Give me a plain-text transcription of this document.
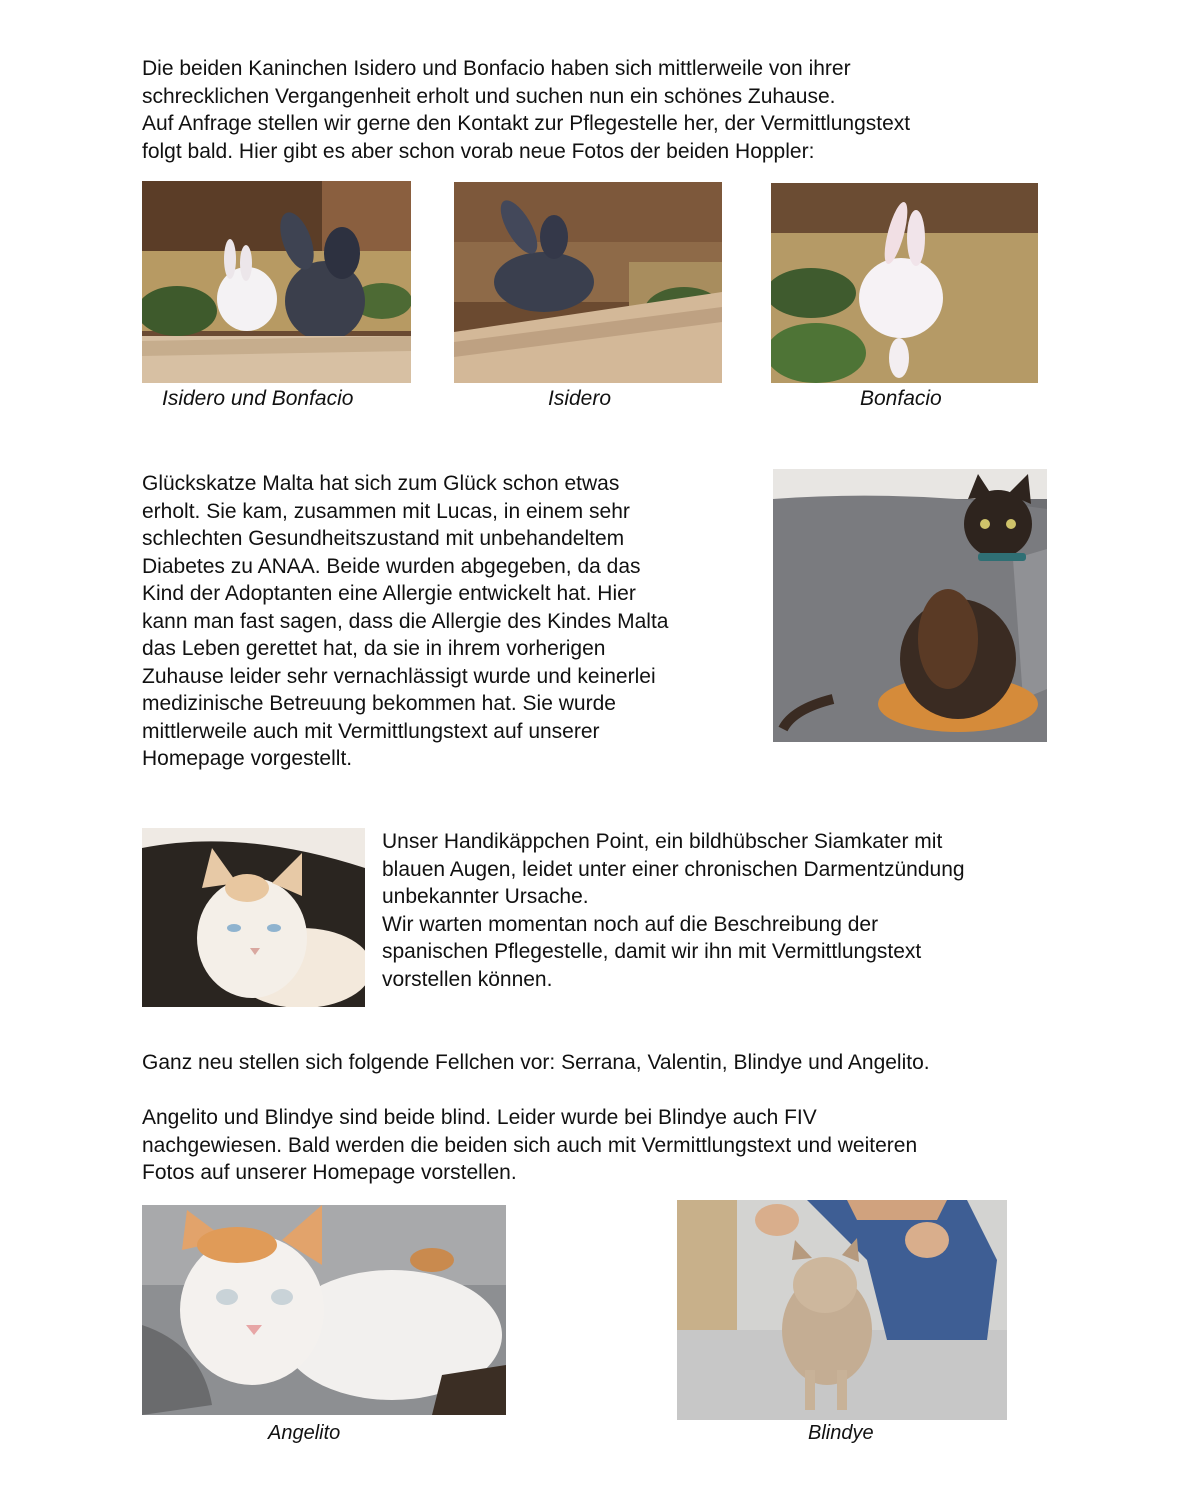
Die beiden Kaninchen Isidero und Bonfacio haben sich mittlerweile von ihrer
schrecklichen Vergangenheit erholt und suchen nun ein schönes Zuhause.
Auf Anfrage stellen wir gerne den Kontakt zur Pflegestelle her, der Vermittlungstext
folgt bald. Hier gibt es aber schon vorab neue Fotos der beiden Hoppler:
Isidero und Bonfacio	Isidero	Bonfacio
Glückskatze Malta hat sich zum Glück schon etwas
erholt. Sie kam, zusammen mit Lucas, in einem sehr
schlechten Gesundheitszustand mit unbehandeltem
Diabetes zu ANAA. Beide wurden abgegeben, da das
Kind der Adoptanten eine Allergie entwickelt hat. Hier
kann man fast sagen, dass die Allergie des Kindes Malta
das Leben gerettet hat, da sie in ihrem vorherigen
Zuhause leider sehr vernachlässigt wurde und keinerlei
medizinische Betreuung bekommen hat. Sie wurde
mittlerweile auch mit Vermittlungstext auf unserer
Homepage vorgestellt.
Unser Handikäppchen Point, ein bildhübscher Siamkater mit
blauen Augen, leidet unter einer chronischen Darmentzündung
unbekannter Ursache.
Wir warten momentan noch auf die Beschreibung der
spanischen Pflegestelle, damit wir ihn mit Vermittlungstext
vorstellen können.
Ganz neu stellen sich folgende Fellchen vor: Serrana, Valentin, Blindye und Angelito.
Angelito und Blindye sind beide blind. Leider wurde bei Blindye auch FIV
nachgewiesen. Bald werden die beiden sich auch mit Vermittlungstext und weiteren
Fotos auf unserer Homepage vorstellen.
Angelito	Blindye
